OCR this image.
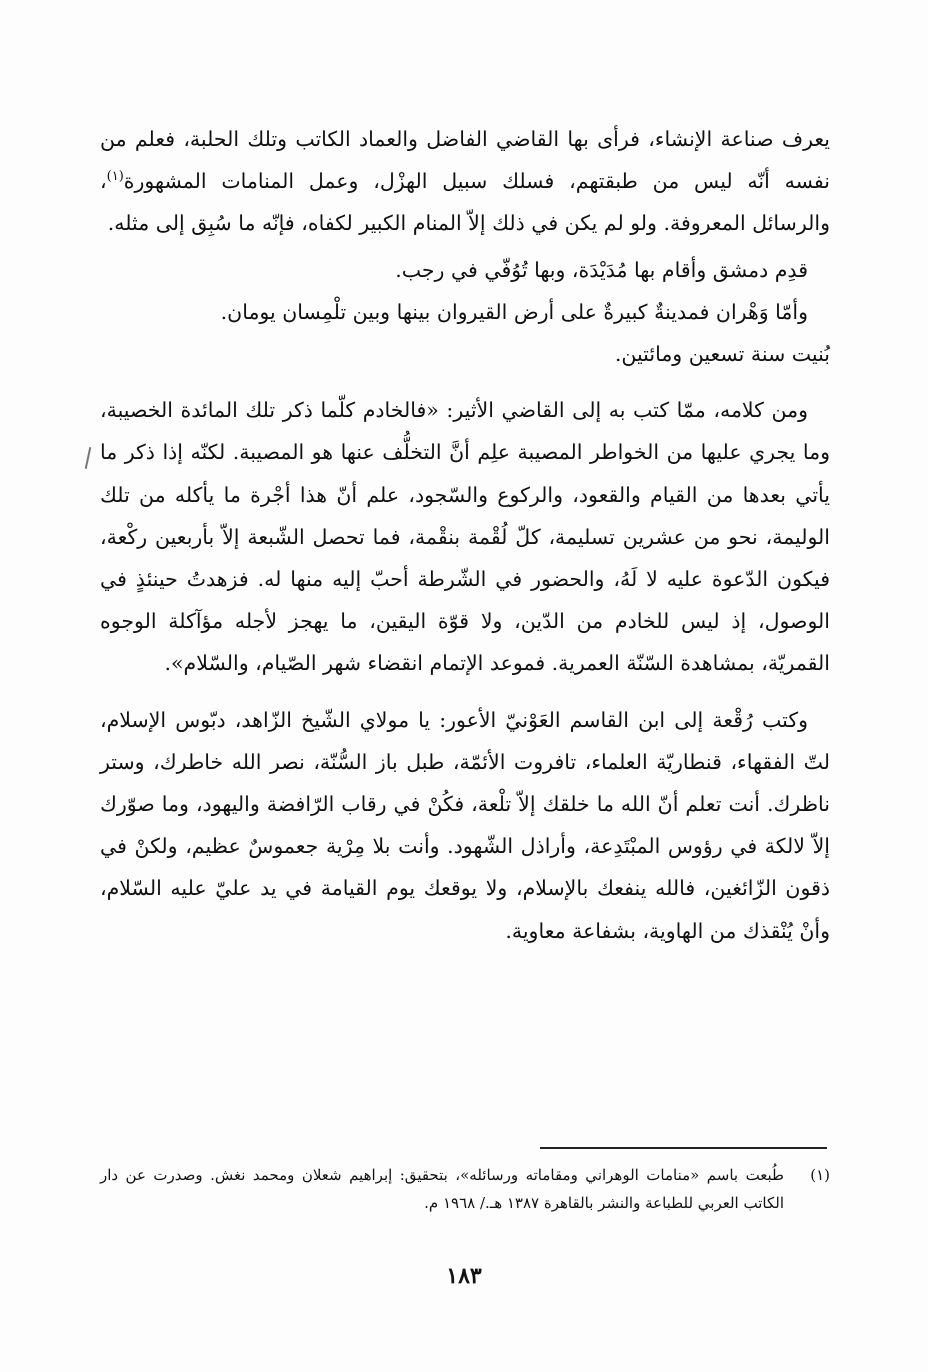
يعرف صناعة الإنشاء، فرأى بها القاضي الفاضل والعماد الكاتب وتلك الحلبة، فعلم من نفسه أنّه ليس من طبقتهم، فسلك سبيل الهزْل، وعمل المنامات المشهورة$^{(١)}$، والرسائل المعروفة. ولو لم يكن في ذلك إلاّ المنام الكبير لكفاه، فإنّه ما سُبِق إلى مثله.

قدِم دمشق وأقام بها مُدَيْدَة، وبها تُوُفّي في رجب.

وأمّا وَهْران فمدينةٌ كبيرةٌ على أرض القيروان بينها وبين تلْمِسان يومان.

بُنيت سنة تسعين ومائتين.

ومن كلامه، ممّا كتب به إلى القاضي الأثير: «فالخادم كلّما ذكر تلك المائدة الخصيبة، وما يجري عليها من الخواطر المصيبة علِم أنَّ التخلُّف عنها هو المصيبة. لكنّه إذا ذكر ما يأتي بعدها من القيام والقعود، والركوع والسّجود، علم أنّ هذا أجْرة ما يأكله من تلك الوليمة، نحو من عشرين تسليمة، كلّ لُقْمة بنقْمة، فما تحصل الشّبعة إلاّ بأربعين ركْعة، فيكون الدّعوة عليه لا لَهُ، والحضور في الشّرطة أحبّ إليه منها له. فزهدتُ حينئذٍ في الوصول، إذ ليس للخادم من الدّين، ولا قوّة اليقين، ما يهجز لأجله مؤآكلة الوجوه القمريّة، بمشاهدة السّنّة العمرية. فموعد الإتمام انقضاء شهر الصّيام، والسّلام».

وكتب رُقْعة إلى ابن القاسم العَوْنيّ الأعور: يا مولاي الشّيخ الزّاهد، دبّوس الإسلام، لتّ الفقهاء، قنطاريّة العلماء، تافروت الأئمّة، طبل باز السُّنّة، نصر الله خاطرك، وستر ناظرك. أنت تعلم أنّ الله ما خلقك إلاّ تلْعة، فكُنْ في رقاب الرّافضة واليهود، وما صوّرك إلاّ لالكة في رؤوس المبْتَدِعة، وأراذل الشّهود. وأنت بلا مِرْية جعموسٌ عظيم، ولكنْ في ذقون الزّائغين، فالله ينفعك بالإسلام، ولا يوقعك يوم القيامة في يد عليّ عليه السّلام، وأنْ يُنْقذك من الهاوية، بشفاعة معاوية.

(١)
طُبعت باسم «منامات الوهراني ومقاماته ورسائله»، بتحقيق: إبراهيم شعلان ومحمد نغش. وصدرت عن دار الكاتب العربي للطباعة والنشر بالقاهرة ١٣٨٧ هـ./ ١٩٦٨ م.
١٨٣
